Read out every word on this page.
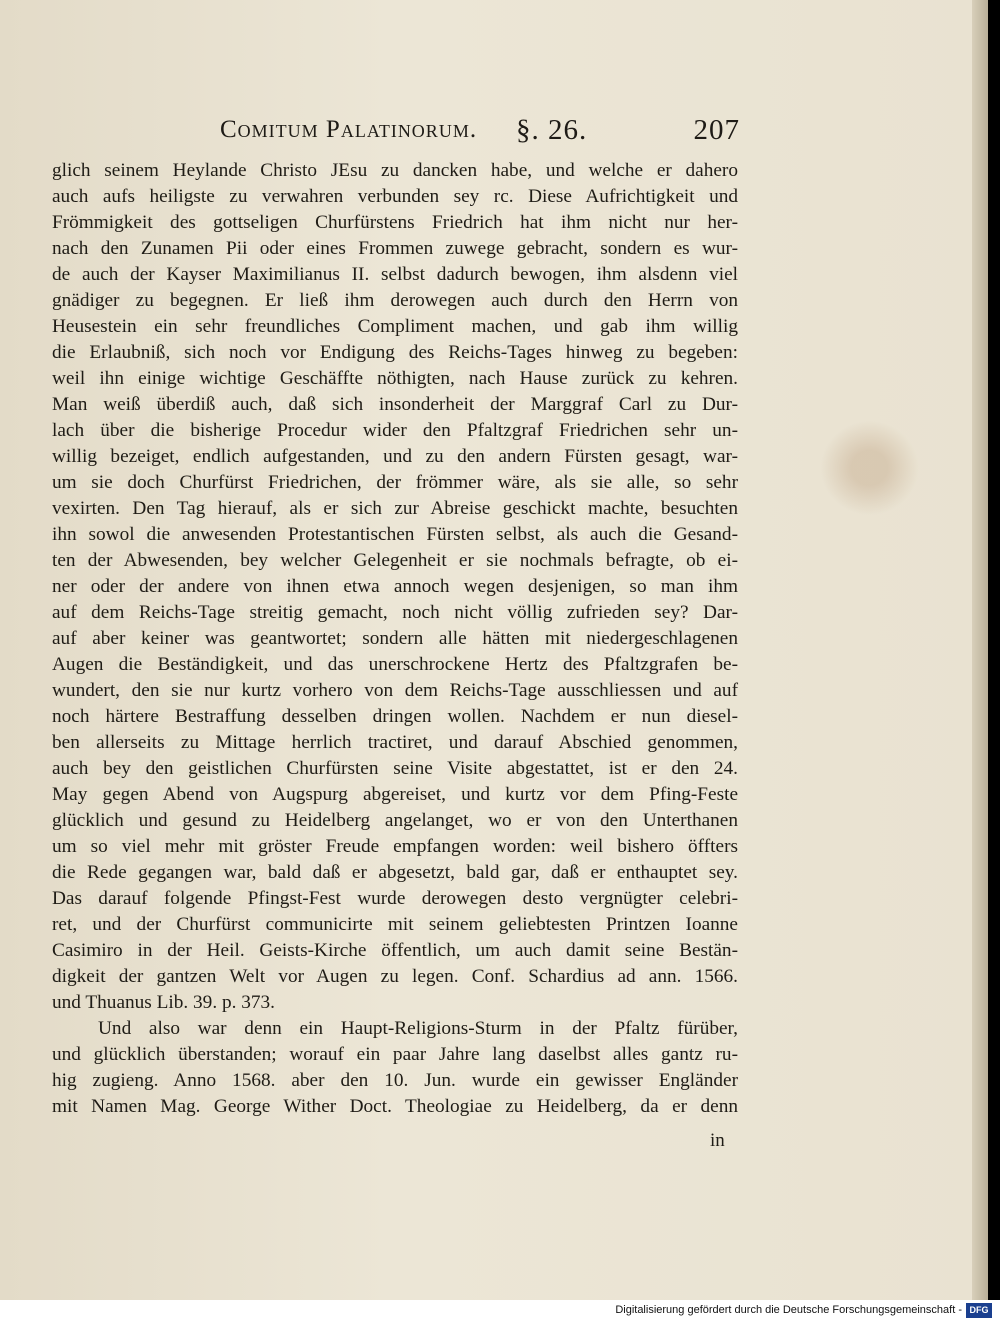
Comitum Palatinorum. §. 26.	207
glich seinem Heylande Christo JEsu zu dancken habe, und welche er dahero
auch aufs heiligste zu verwahren verbunden sey rc. Diese Aufrichtigkeit und
Frömmigkeit des gottseligen Churfürstens Friedrich hat ihm nicht nur her-
nach den Zunamen Pii oder eines Frommen zuwege gebracht, sondern es wur-
de auch der Kayser Maximilianus II. selbst dadurch bewogen, ihm alsdenn viel
gnädiger zu begegnen. Er ließ ihm derowegen auch durch den Herrn von
Heusestein ein sehr freundliches Compliment machen, und gab ihm willig
die Erlaubniß, sich noch vor Endigung des Reichs-Tages hinweg zu begeben:
weil ihn einige wichtige Geschäffte nöthigten, nach Hause zurück zu kehren.
Man weiß überdiß auch, daß sich insonderheit der Marggraf Carl zu Dur-
lach über die bisherige Procedur wider den Pfaltzgraf Friedrichen sehr un-
willig bezeiget, endlich aufgestanden, und zu den andern Fürsten gesagt, war-
um sie doch Churfürst Friedrichen, der frömmer wäre, als sie alle, so sehr
vexirten. Den Tag hierauf, als er sich zur Abreise geschickt machte, besuchten
ihn sowol die anwesenden Protestantischen Fürsten selbst, als auch die Gesand-
ten der Abwesenden, bey welcher Gelegenheit er sie nochmals befragte, ob ei-
ner oder der andere von ihnen etwa annoch wegen desjenigen, so man ihm
auf dem Reichs-Tage streitig gemacht, noch nicht völlig zufrieden sey? Dar-
auf aber keiner was geantwortet; sondern alle hätten mit niedergeschlagenen
Augen die Beständigkeit, und das unerschrockene Hertz des Pfaltzgrafen be-
wundert, den sie nur kurtz vorhero von dem Reichs-Tage ausschliessen und auf
noch härtere Bestraffung desselben dringen wollen. Nachdem er nun diesel-
ben allerseits zu Mittage herrlich tractiret, und darauf Abschied genommen,
auch bey den geistlichen Churfürsten seine Visite abgestattet, ist er den 24.
May gegen Abend von Augspurg abgereiset, und kurtz vor dem Pfing-Feste
glücklich und gesund zu Heidelberg angelanget, wo er von den Unterthanen
um so viel mehr mit gröster Freude empfangen worden: weil bishero öffters
die Rede gegangen war, bald daß er abgesetzt, bald gar, daß er enthauptet sey.
Das darauf folgende Pfingst-Fest wurde derowegen desto vergnügter celebri-
ret, und der Churfürst communicirte mit seinem geliebtesten Printzen Ioanne
Casimiro in der Heil. Geists-Kirche öffentlich, um auch damit seine Bestän-
digkeit der gantzen Welt vor Augen zu legen. Conf. Schardius ad ann. 1566.
und Thuanus Lib. 39. p. 373.
Und also war denn ein Haupt-Religions-Sturm in der Pfaltz fürüber,
und glücklich überstanden; worauf ein paar Jahre lang daselbst alles gantz ru-
hig zugieng. Anno 1568. aber den 10. Jun. wurde ein gewisser Engländer
mit Namen Mag. George Wither Doct. Theologiae zu Heidelberg, da er denn
in
Digitalisierung gefördert durch die Deutsche Forschungsgemeinschaft - DFG
